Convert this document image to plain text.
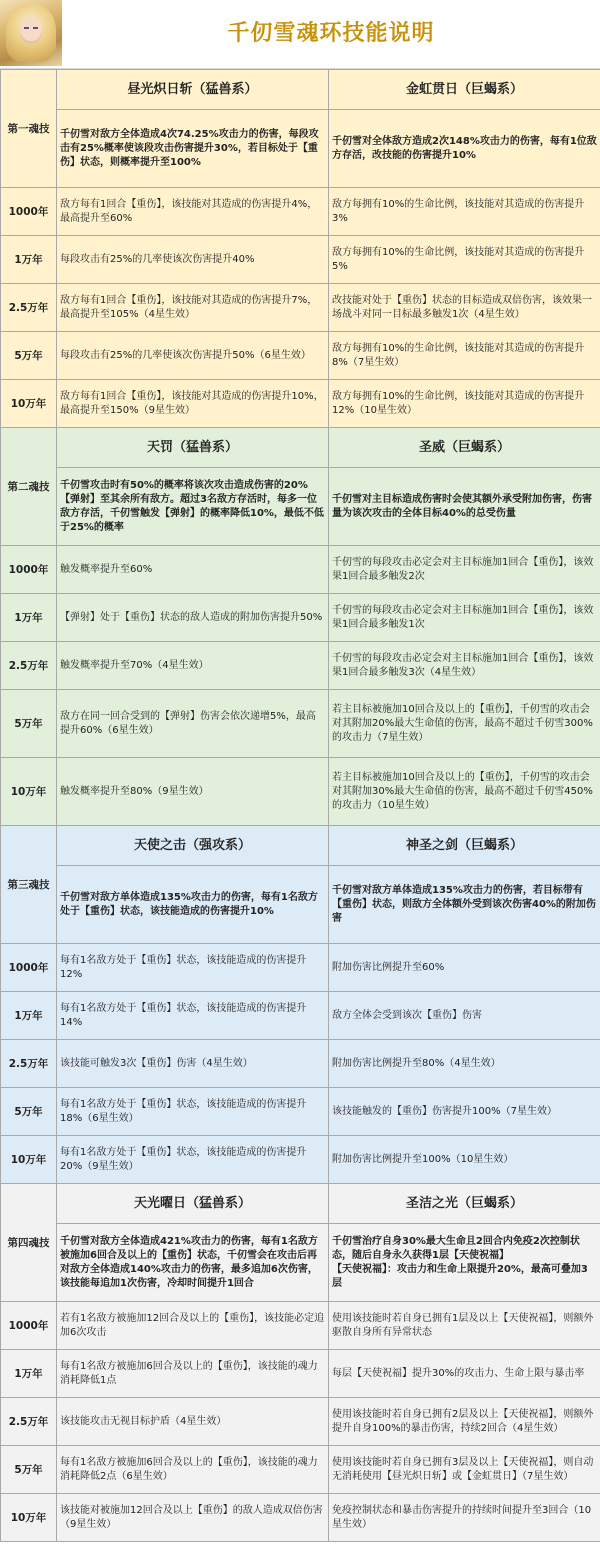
千仞雪魂环技能说明
第一魂技	昼光炽日斩（猛兽系）	金虹贯日（巨蝎系）
	千仞雪对敌方全体造成4次74.25%攻击力的伤害，每段攻击有25%概率使该段攻击伤害提升30%，若目标处于【重伤】状态，则概率提升至100%	千仞雪对全体敌方造成2次148%攻击力的伤害，每有1位敌方存活，改技能的伤害提升10%
1000年	敌方每有1回合【重伤】，该技能对其造成的伤害提升4%，最高提升至60%	敌方每拥有10%的生命比例，该技能对其造成的伤害提升3%
1万年	每段攻击有25%的几率使该次伤害提升40%	敌方每拥有10%的生命比例，该技能对其造成的伤害提升5%
2.5万年	敌方每有1回合【重伤】，该技能对其造成的伤害提升7%，最高提升至105%（4星生效）	改技能对处于【重伤】状态的目标造成双倍伤害，该效果一场战斗对同一目标最多触发1次（4星生效）
5万年	每段攻击有25%的几率使该次伤害提升50%（6星生效）	敌方每拥有10%的生命比例，该技能对其造成的伤害提升8%（7星生效）
10万年	敌方每有1回合【重伤】，该技能对其造成的伤害提升10%，最高提升至150%（9星生效）	敌方每拥有10%的生命比例，该技能对其造成的伤害提升12%（10星生效）
第二魂技	天罚（猛兽系）	圣威（巨蝎系）
	千仞雪攻击时有50%的概率将该次攻击造成伤害的20%【弹射】至其余所有敌方。超过3名敌方存活时，每多一位敌方存活，千仞雪触发【弹射】的概率降低10%，最低不低于25%的概率	千仞雪对主目标造成伤害时会使其额外承受附加伤害，伤害量为该次攻击的全体目标40%的总受伤量
1000年	触发概率提升至60%	千仞雪的每段攻击必定会对主目标施加1回合【重伤】，该效果1回合最多触发2次
1万年	【弹射】处于【重伤】状态的敌人造成的附加伤害提升50%	千仞雪的每段攻击必定会对主目标施加1回合【重伤】，该效果1回合最多触发1次
2.5万年	触发概率提升至70%（4星生效）	千仞雪的每段攻击必定会对主目标施加1回合【重伤】，该效果1回合最多触发3次（4星生效）
5万年	敌方在同一回合受到的【弹射】伤害会依次递增5%，最高提升60%（6星生效）	若主目标被施加10回合及以上的【重伤】，千仞雪的攻击会对其附加20%最大生命值的伤害，最高不超过千仞雪300%的攻击力（7星生效）
10万年	触发概率提升至80%（9星生效）	若主目标被施加10回合及以上的【重伤】，千仞雪的攻击会对其附加30%最大生命值的伤害，最高不超过千仞雪450%的攻击力（10星生效）
第三魂技	天使之击（强攻系）	神圣之剑（巨蝎系）
	千仞雪对敌方单体造成135%攻击力的伤害，每有1名敌方处于【重伤】状态，该技能造成的伤害提升10%	千仞雪对敌方单体造成135%攻击力的伤害，若目标带有【重伤】状态，则敌方全体额外受到该次伤害40%的附加伤害
1000年	每有1名敌方处于【重伤】状态，该技能造成的伤害提升12%	附加伤害比例提升至60%
1万年	每有1名敌方处于【重伤】状态，该技能造成的伤害提升14%	敌方全体会受到该次【重伤】伤害
2.5万年	该技能可触发3次【重伤】伤害（4星生效）	附加伤害比例提升至80%（4星生效）
5万年	每有1名敌方处于【重伤】状态，该技能造成的伤害提升18%（6星生效）	该技能触发的【重伤】伤害提升100%（7星生效）
10万年	每有1名敌方处于【重伤】状态，该技能造成的伤害提升20%（9星生效）	附加伤害比例提升至100%（10星生效）
第四魂技	天光曜日（猛兽系）	圣洁之光（巨蝎系）
	千仞雪对敌方全体造成421%攻击力的伤害，每有1名敌方被施加6回合及以上的【重伤】状态，千仞雪会在攻击后再对敌方全体造成140%攻击力的伤害，最多追加6次伤害，该技能每追加1次伤害，冷却时间提升1回合	千仞雪治疗自身30%最大生命且2回合内免疫2次控制状态，随后自身永久获得1层【天使祝福】
【天使祝福】：攻击力和生命上限提升20%，最高可叠加3层
1000年	若有1名敌方被施加12回合及以上的【重伤】，该技能必定追加6次攻击	使用该技能时若自身已拥有1层及以上【天使祝福】，则额外驱散自身所有异常状态
1万年	每有1名敌方被施加6回合及以上的【重伤】，该技能的魂力消耗降低1点	每层【天使祝福】提升30%的攻击力、生命上限与暴击率
2.5万年	该技能攻击无视目标护盾（4星生效）	使用该技能时若自身已拥有2层及以上【天使祝福】，则额外提升自身100%的暴击伤害，持续2回合（4星生效）
5万年	每有1名敌方被施加6回合及以上的【重伤】，该技能的魂力消耗降低2点（6星生效）	使用该技能时若自身已拥有3层及以上【天使祝福】，则自动无消耗使用【昼光炽日斩】或【金虹贯日】（7星生效）
10万年	该技能对被施加12回合及以上【重伤】的敌人造成双倍伤害（9星生效）	免疫控制状态和暴击伤害提升的持续时间提升至3回合（10星生效）
